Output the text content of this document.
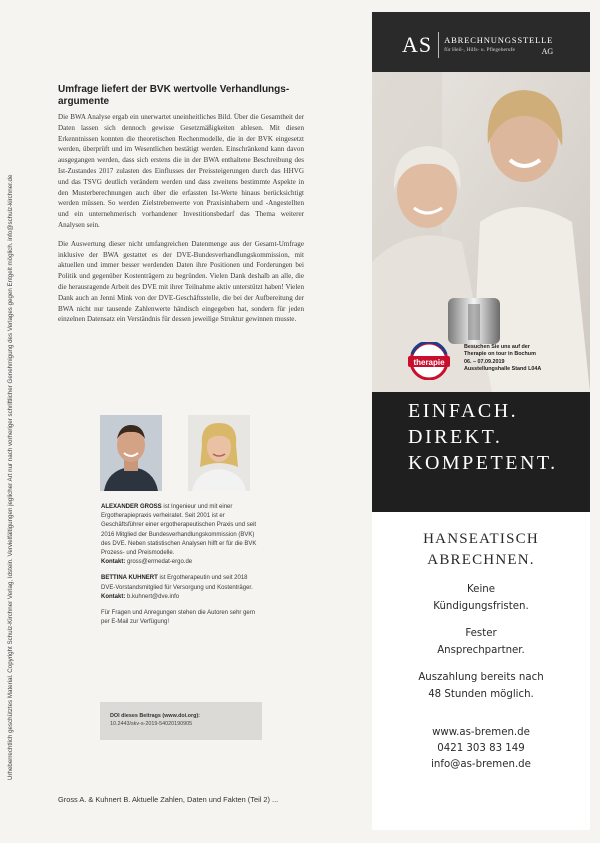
Urheberrechtlich geschütztes Material. Copyright Schulz-Kirchner Verlag, Idstein. Vervielfältigungen jeglicher Art nur nach vorheriger schriftlicher Genehmigung des Verlages gegen Entgelt möglich. info@schulz-kirchner.de
Umfrage liefert der BVK wertvolle Verhandlungs-argumente

Die BWA Analyse ergab ein unerwartet uneinheitliches Bild. Über die Gesamtheit der Daten lassen sich dennoch gewisse Gesetzmäßigkeiten ablesen. Mit diesen Erkenntnissen konnten die theoretischen Rechenmodelle, die in der BVK eingesetzt werden, überprüft und im Wesentlichen bestätigt werden. Einschränkend kann davon ausgegangen werden, dass sich erstens die in der BWA enthaltene Beschreibung des Ist-Zustandes 2017 zulasten des Einflusses der Preissteigerungen durch das HHVG und das TSVG deutlich verändern werden und dass zweitens bestimmte Aspekte in den Musterberechnungen auch über die erfassten Ist-Werte hinaus berücksichtigt werden müssen. So werden Zielstrebenwerte von Praxisinhabern und -Angestellten und ein unternehmerisch vorhandener Investitionsbedarf das Thema weiterer Analysen sein.

Die Auswertung dieser nicht umfangreichen Datenmenge aus der Gesamt-Umfrage inklusive der BWA gestattet es der DVE-Bundesverhandlungskommission, mit aktuellen und immer besser werdenden Daten ihre Positionen und Forderungen bei Politik und gegenüber Kostenträgern zu begründen. Vielen Dank deshalb an alle, die die herausragende Arbeit des DVE mit ihrer Teilnahme aktiv unterstützt haben! Vielen Dank auch an Jenni Mink von der DVE-Geschäftsstelle, die bei der Aufbereitung der BWA nicht nur tausende Zahlenwerte händisch eingegeben hat, sondern für jeden einzelnen Datensatz ein Verständnis für dessen jeweilige Struktur gewinnen musste.

ALEXANDER GROSS ist Ingenieur und mit einer Ergotherapiepraxis verheiratet. Seit 2001 ist er Geschäftsführer einer ergotherapeutischen Praxis und seit 2016 Mitglied der Bundesverhandlungskommission (BVK) des DVE. Neben statistischen Analysen hilft er für die BVK Prozess- und Preismodelle.
Kontakt: gross@ermedat-ergo.de

BETTINA KUHNERT ist Ergotherapeutin und seit 2018 DVE-Vorstandsmitglied für Versorgung und Kostenträger.
Kontakt: b.kuhnert@dve.info

Für Fragen und Anregungen stehen die Autoren sehr gern per E-Mail zur Verfügung!

DOI dieses Beitrags (www.doi.org):
10.2443/skv-s-2019-54020190905
Gross A. & Kuhnert B. Aktuelle Zahlen, Daten und Fakten (Teil 2) ...
AS	ABRECHNUNGSSTELLE
für Heil-, Hilfs- u. Pflegeberufe	AG
therapie
Besuchen Sie uns auf der
Therapie on tour in Bochum
06. – 07.09.2019
Ausstellungshalle Stand L04A
EINFACH.
DIREKT.
KOMPETENT.
HANSEATISCH
ABRECHNEN.
Keine
Kündigungsfristen.
Fester
Ansprechpartner.
Auszahlung bereits nach
48 Stunden möglich.
www.as-bremen.de
0421 303 83 149
info@as-bremen.de
